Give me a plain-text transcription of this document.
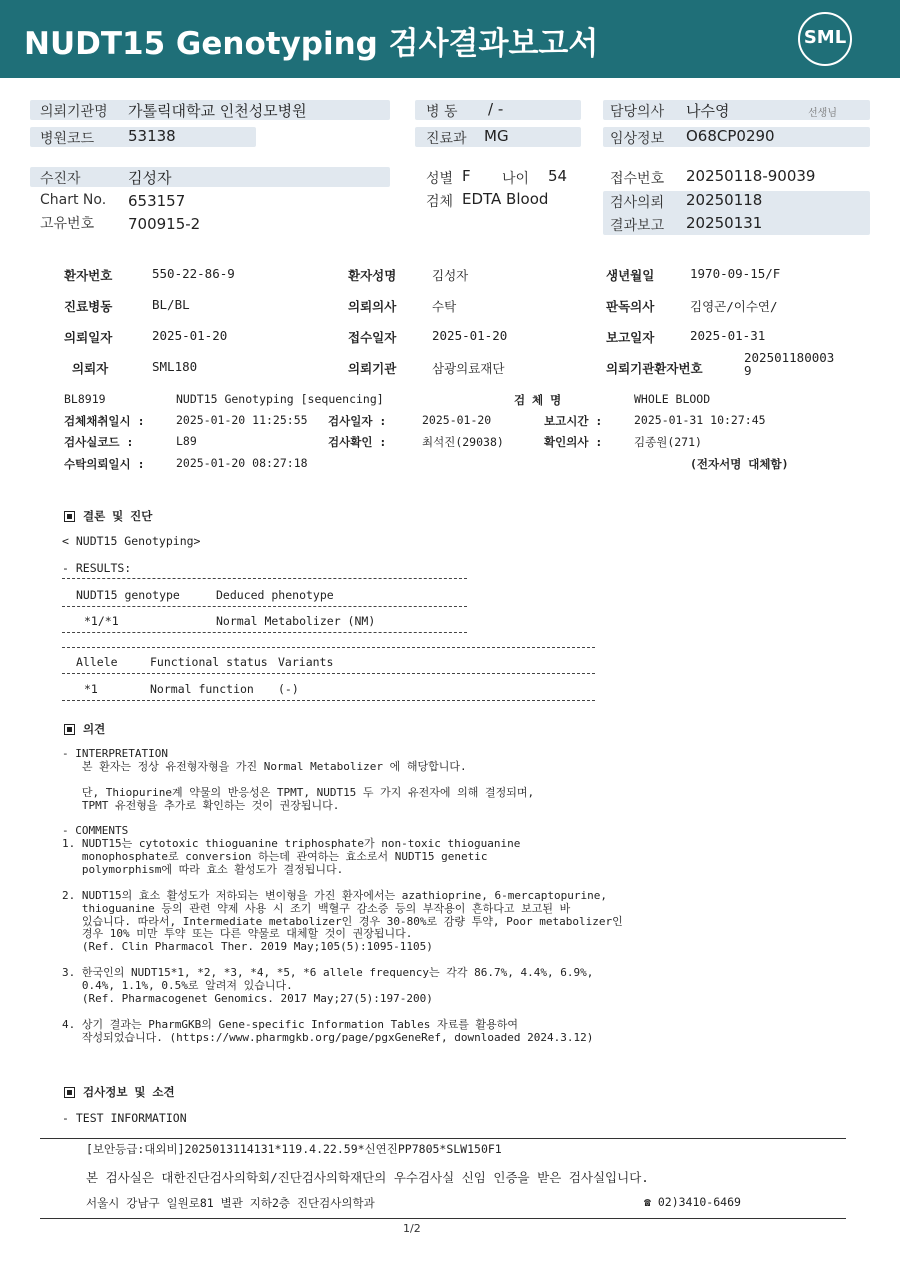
NUDT15 Genotyping 검사결과보고서	SML
의뢰기관명 가톨릭대학교 인천성모병원
병원코드 53138
병 동 / -
진료과 MG
담당의사 나수영	선생님
임상정보 O68CP0290
수진자	김성자
Chart No. 653157
고유번호 700915-2
성별 F 나이 54
검체 EDTA Blood
접수번호 20250118-90039
검사의뢰 20250118
결과보고 20250131
환자번호	550-22-86-9	환자성명	김성자	생년월일	1970-09-15/F
진료병동	BL/BL	의뢰의사	수탁	판독의사	김영곤/이수연/
의뢰일자	2025-01-20	접수일자	2025-01-20	보고일자	2025-01-31
의뢰자	SML180	의뢰기관	삼광의료재단	의뢰기관환자번호
202501180003
9
BL8919	NUDT15 Genotyping [sequencing]	검 체 명	WHOLE BLOOD
검체채취일시 :	2025-01-20 11:25:55 검사일자 :	2025-01-20	보고시간 :	2025-01-31 10:27:45
검사실코드 :	L89	검사확인 :	최석진(29038)	확인의사 :	김종원(271)
수탁의뢰일시 :	2025-01-20 08:27:18	(전자서명 대체함)
결론 및 진단
< NUDT15 Genotyping>
- RESULTS:
NUDT15 genotype	Deduced phenotype
*1/*1	Normal Metabolizer (NM)
Allele	Functional status Variants
*1	Normal function (-)
의견
- INTERPRETATION
본 환자는 정상 유전형자형을 가진 Normal Metabolizer 에 해당합니다.
단, Thiopurine계 약물의 반응성은 TPMT, NUDT15 두 가지 유전자에 의해 결정되며,
TPMT 유전형을 추가로 확인하는 것이 권장됩니다.
- COMMENTS
1. NUDT15는 cytotoxic thioguanine triphosphate가 non-toxic thioguanine
monophosphate로 conversion 하는데 관여하는 효소로서 NUDT15 genetic
polymorphism에 따라 효소 활성도가 결정됩니다.
2. NUDT15의 효소 활성도가 저하되는 변이형을 가진 환자에서는 azathioprine, 6-mercaptopurine,
thioguanine 등의 관련 약제 사용 시 조기 백혈구 감소증 등의 부작용이 흔하다고 보고된 바
있습니다. 따라서, Intermediate metabolizer인 경우 30-80%로 감량 투약, Poor metabolizer인
경우 10% 미만 투약 또는 다른 약물로 대체할 것이 권장됩니다.
(Ref. Clin Pharmacol Ther. 2019 May;105(5):1095-1105)
3. 한국인의 NUDT15*1, *2, *3, *4, *5, *6 allele frequency는 각각 86.7%, 4.4%, 6.9%,
0.4%, 1.1%, 0.5%로 알려져 있습니다.
(Ref. Pharmacogenet Genomics. 2017 May;27(5):197-200)
4. 상기 결과는 PharmGKB의 Gene-specific Information Tables 자료를 활용하여
작성되었습니다. (https://www.pharmgkb.org/page/pgxGeneRef, downloaded 2024.3.12)
검사정보 및 소견
- TEST INFORMATION
[보안등급:대외비]2025013114131*119.4.22.59*신연진PP7805*SLW150F1
본 검사실은 대한진단검사의학회/진단검사의학재단의 우수검사실 신임 인증을 받은 검사실입니다.
서울시 강남구 일원로81 별관 지하2층 진단검사의학과	☎ 02)3410-6469
1/2
